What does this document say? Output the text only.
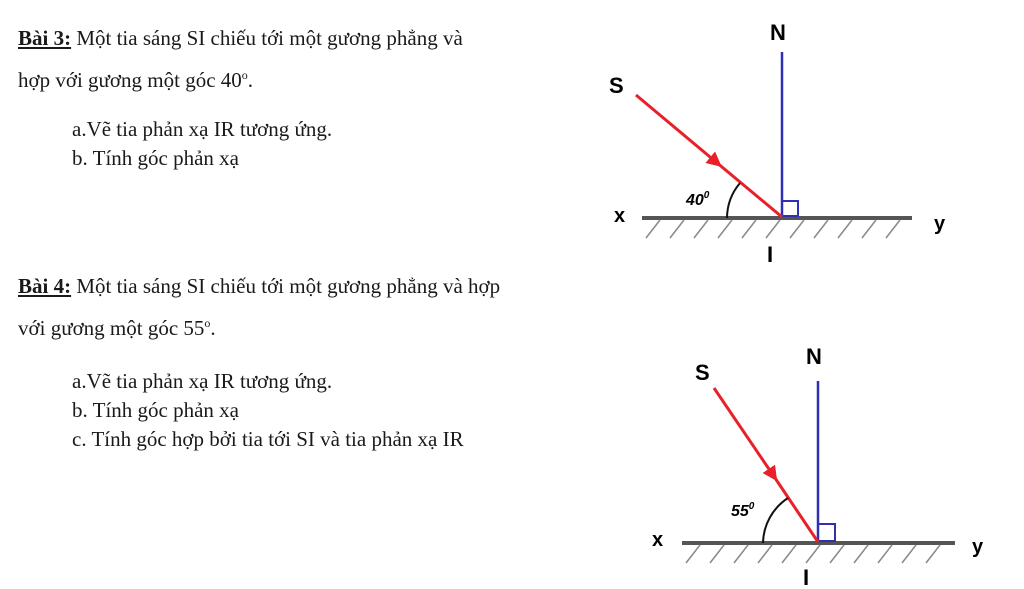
Bài 3: Một tia sáng SI chiếu tới một gương phẳng và
hợp với gương một góc 40$^o$.
a.Vẽ tia phản xạ IR tương ứng.
b. Tính góc phản xạ
Bài 4: Một tia sáng SI chiếu tới một gương phẳng và hợp
với gương một góc 55$^o$.
a.Vẽ tia phản xạ IR tương ứng.
b. Tính góc phản xạ
c. Tính góc hợp bởi tia tới SI và tia phản xạ IR
N
S
x	y
I
$40^0$
N
S
x	y
I
$55^0$
